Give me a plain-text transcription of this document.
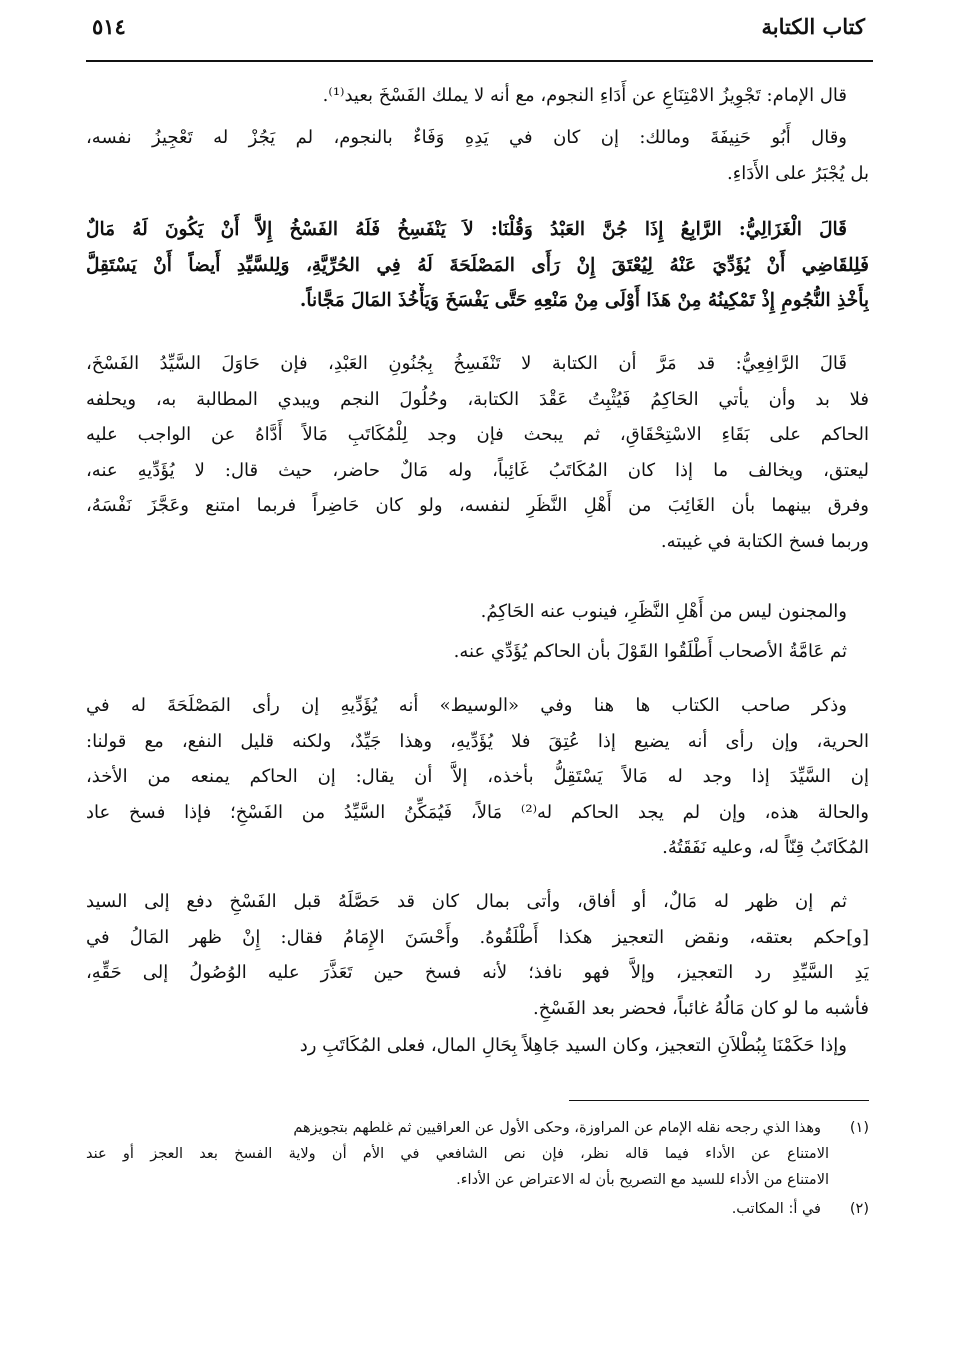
كتاب الكتابة
٥١٤
قال الإمام: تَجْوِيزُ الامْتِنَاعِ عن أَدَاءِ النجوم، مع أنه لا يملك الفَسْخَ بعيد⁽¹⁾.
وقال أَبُو حَنِيفَةَ ومالك: إن كان في يَدِهِ وَفَاءٌ بالنجوم، لم يَجُزْ له تَعْجِيزُ نفسه،
بل يُجْبَرُ على الأَدَاءِ.
قَالَ الْغَزَالِيُّ: الرَّابِعُ إِذَا جُنَّ العَبْدُ وَقُلْنَا: لاَ يَنْفَسِخُ فَلَهُ الفَسْخُ إِلاَّ أَنْ يَكُونَ لَهُ مَالٌ
فَلِلقَاضِي أَنْ يُؤَدِّيَ عَنْهُ لِيُعْتَقَ إِنْ رَأَى المَصْلَحَةَ لَهُ فِي الحُرِّيَّةِ، وَلِلسَّيِّدِ أَيضاً أَنْ يَسْتَقِلَّ
بِأَخْذِ النُّجُومِ إِذْ تَمْكِينُهُ مِنْ هَذَا أَوْلَى مِنْ مَنْعِهِ حَتَّى يَفْسَخَ وَيَأْخُذَ المَالَ مَجَّاناً.
قَالَ الرَّافِعِيُّ: قد مَرَّ أن الكتابة لا تَنْفَسِخُ بِجُنُونِ العَبْدِ، فإن حَاوَلَ السَّيِّدُ الفَسْخَ،
فلا بد وأن يأتي الحَاكِمُ فَيُثْبِتُ عَقْدَ الكتابة، وحُلُولَ النجم ويبدي المطالبة به، ويحلفه
الحاكم على بَقَاءِ الاسْتِحْقَاقِ، ثم يبحث فإن وجد لِلْمُكَاتَبِ مَالاً أَدَّاهُ عن الواجب عليه
ليعتق، ويخالف ما إذا كان المُكَاتَبُ غَائِباً، وله مَالٌ حاضر، حيث قال: لا يُؤَدِّيهِ عنه،
وفرق بينهما بأن الغَائِبَ من أَهْلِ النَّظَرِ لنفسه، ولو كان حَاضِراً فربما امتنع وعَجَّزَ نَفْسَهُ،
وربما فسخ الكتابة في غيبته.
والمجنون ليس من أَهْلِ النَّظَرِ، فينوب عنه الحَاكِمُ.
ثم عَامَّةُ الأصحاب أَطْلَقُوا القَوْلَ بأن الحاكم يُؤَدِّي عنه.
وذكر صاحب الكتاب ها هنا وفي «الوسيط» أنه يُؤَدِّيهِ إن رأى المَصْلَحَةَ له في
الحرية، وإن رأى أنه يضيع إذا عُتِقَ فلا يُؤَدِّيهِ، وهذا جَيِّدٌ، ولكنه قليل النفع، مع قولنا:
إن السَّيِّدَ إذا وجد له مَالاً يَسْتَقِلُّ بأخذه، إلاَّ أن يقال: إن الحاكم يمنعه من الأخذ،
والحالة هذه، وإن لم يجد الحاكم له⁽²⁾ مَالاً، فَيُمَكِّنُ السَّيِّدُ من الفَسْخِ؛ فإذا فسخ عاد
المُكَاتَبُ قِنّاً له، وعليه نَفَقَتُهُ.
ثم إن ظهر له مَالٌ، أو أفاق، وأتى بمال كان قد حَصَّلَهُ قبل الفَسْخِ دفع إلى السيد
[و]حكم بعتقه، ونقض التعجيز هكذا أَطْلَقُوهُ. وأَحْسَنَ الإِمَامُ فقال: إِنْ ظهر المَالُ في
يَدِ السَّيِّدِ رد التعجيز، وإلاَّ فهو نافذ؛ لأنه فسخ حين تَعَذَّرَ عليه الوُصُولُ إلى حَقِّهِ،
فأشبه ما لو كان مَالُهُ غائباً، فحضر بعد الفَسْخِ.
وإذا حَكَمْنَا بِبُطْلاَنِ التعجيز، وكان السيد جَاهِلاً بِحَالِ المال، فعلى المُكَاتَبِ رد
(١)وهذا الذي رجحه نقله الإمام عن المراوزة، وحكى الأول عن العراقيين ثم غلطهم بتجويزهم
الامتناع عن الأداء فيما قاله نظر، فإن نص الشافعي في الأم أن ولاية الفسخ بعد العجز أو عند
الامتناع من الأداء للسيد مع التصريح بأن له الاعتراض عن الأداء.
(٢)في أ: المكاتب.
